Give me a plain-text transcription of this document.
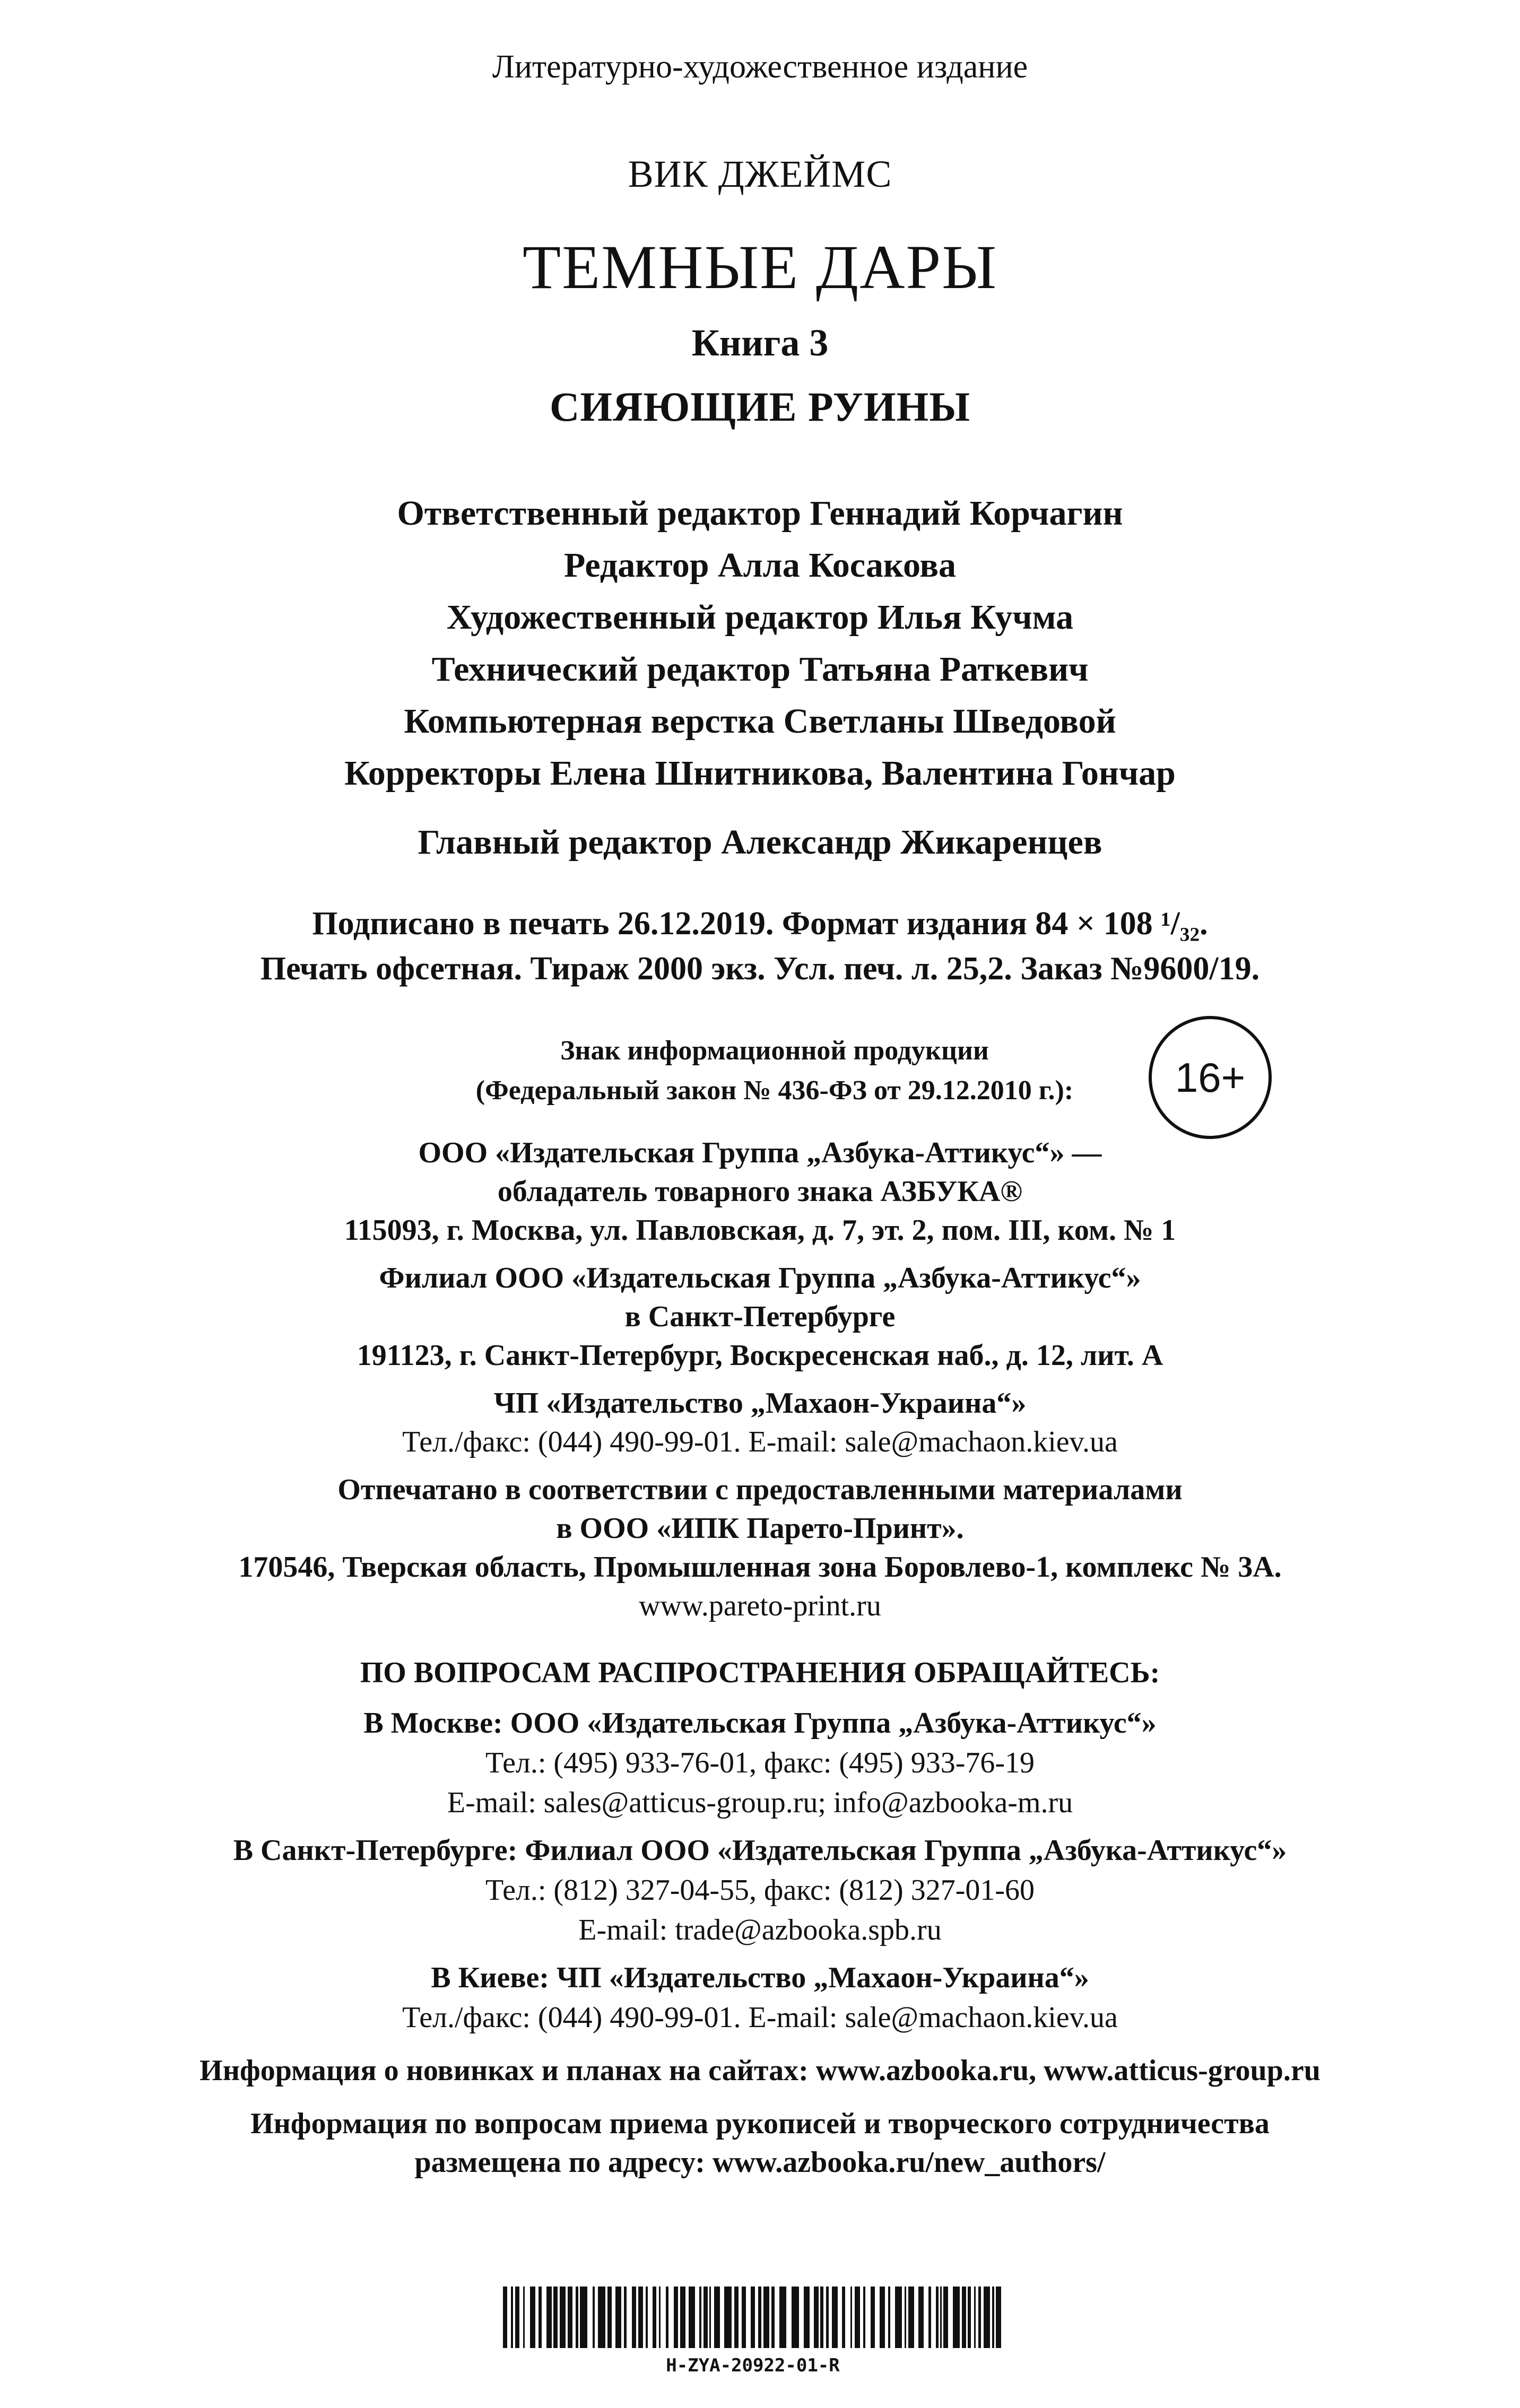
Литературно-художественное издание
ВИК ДЖЕЙМС
ТЕМНЫЕ ДАРЫ
Книга 3
СИЯЮЩИЕ РУИНЫ
Ответственный редактор Геннадий Корчагин
Редактор Алла Косакова
Художественный редактор Илья Кучма
Технический редактор Татьяна Раткевич
Компьютерная верстка Светланы Шведовой
Корректоры Елена Шнитникова, Валентина Гончар
Главный редактор Александр Жикаренцев
Подписано в печать 26.12.2019. Формат издания 84 × 108 ¹/₃₂.
Печать офсетная. Тираж 2000 экз. Усл. печ. л. 25,2. Заказ №9600/19.
Знак информационной продукции
(Федеральный закон № 436-ФЗ от 29.12.2010 г.):	16+
ООО «Издательская Группа „Азбука-Аттикус“» —
обладатель товарного знака АЗБУКА®
115093, г. Москва, ул. Павловская, д. 7, эт. 2, пом. III, ком. № 1
Филиал ООО «Издательская Группа „Азбука-Аттикус“»
в Санкт-Петербурге
191123, г. Санкт-Петербург, Воскресенская наб., д. 12, лит. А
ЧП «Издательство „Махаон-Украина“»
Тел./факс: (044) 490-99-01. E-mail: sale@machaon.kiev.ua
Отпечатано в соответствии с предоставленными материалами
в ООО «ИПК Парето-Принт».
170546, Тверская область, Промышленная зона Боровлево-1, комплекс № 3А.
www.pareto-print.ru
ПО ВОПРОСАМ РАСПРОСТРАНЕНИЯ ОБРАЩАЙТЕСЬ:
В Москве: ООО «Издательская Группа „Азбука-Аттикус“»
Тел.: (495) 933-76-01, факс: (495) 933-76-19
E-mail: sales@atticus-group.ru; info@azbooka-m.ru
В Санкт-Петербурге: Филиал ООО «Издательская Группа „Азбука-Аттикус“»
Тел.: (812) 327-04-55, факс: (812) 327-01-60
E-mail: trade@azbooka.spb.ru
В Киеве: ЧП «Издательство „Махаон-Украина“»
Тел./факс: (044) 490-99-01. E-mail: sale@machaon.kiev.ua
Информация о новинках и планах на сайтах: www.azbooka.ru, www.atticus-group.ru
Информация по вопросам приема рукописей и творческого сотрудничества
размещена по адресу: www.azbooka.ru/new_authors/
H-ZYA-20922-01-R
